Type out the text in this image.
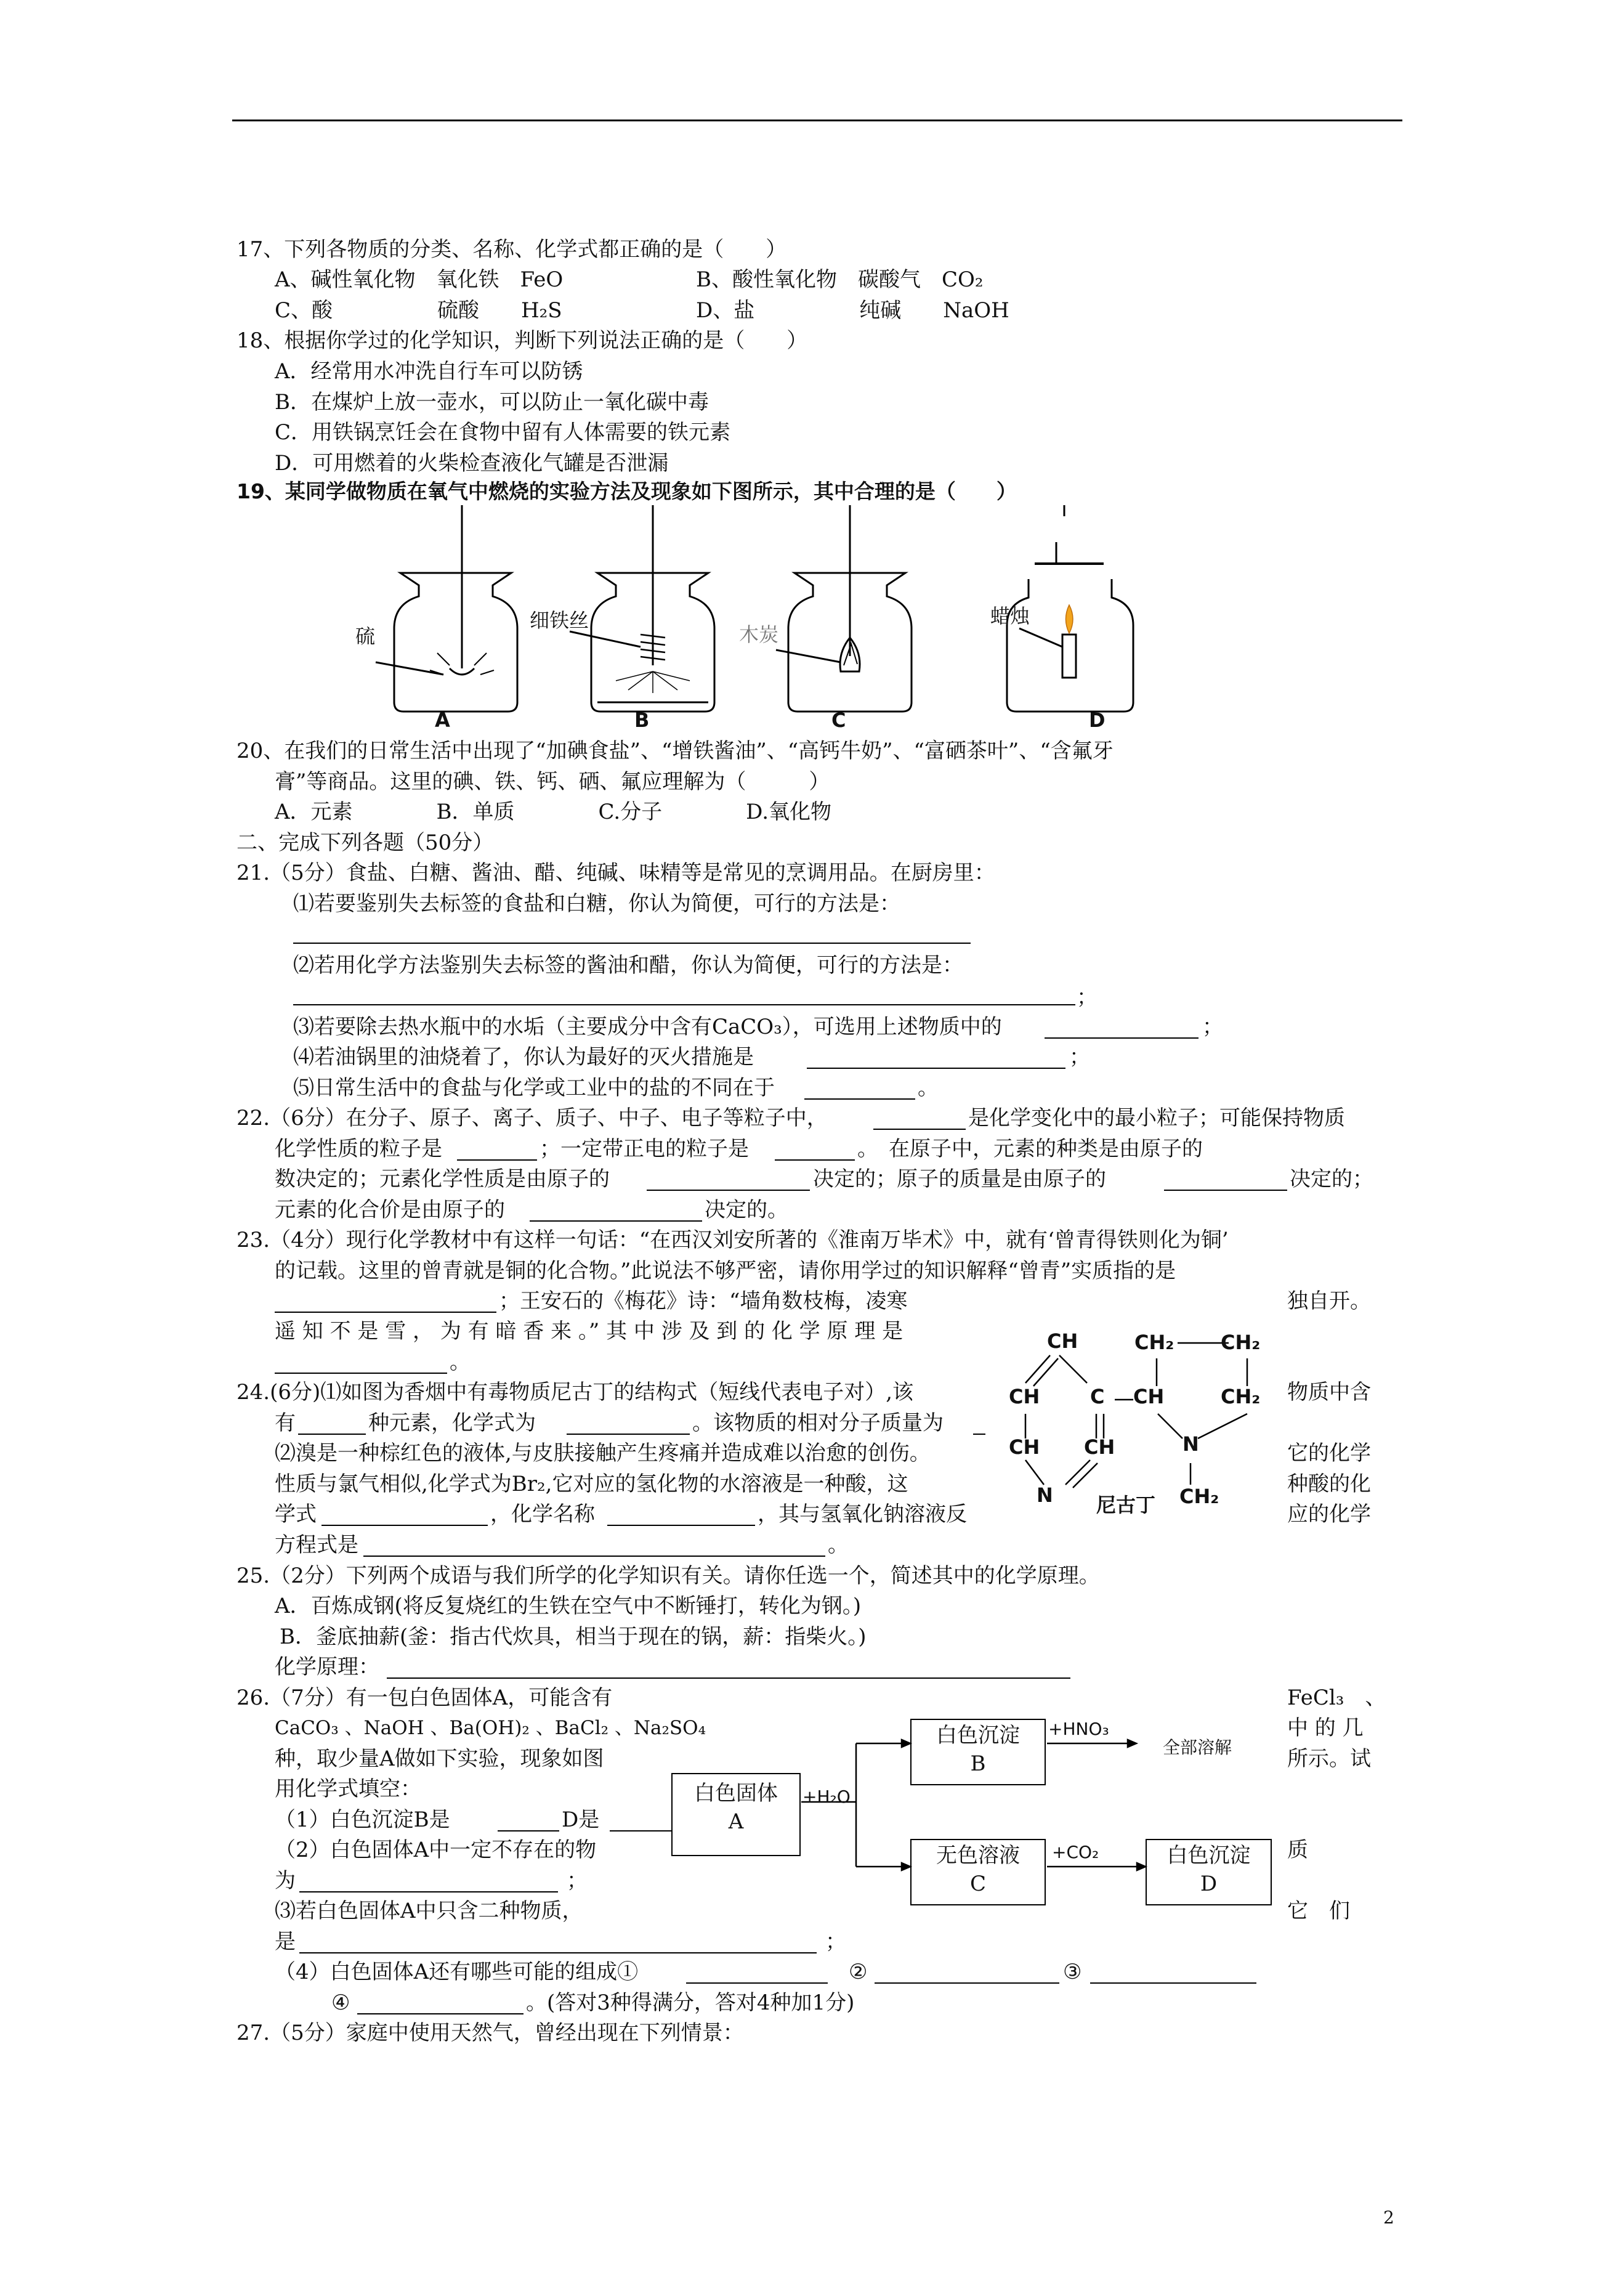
17、下列各物质的分类、名称、化学式都正确的是（　　）
A、碱性氧化物　氧化铁　FeO	B、酸性氧化物　碳酸气　CO₂
C、酸　　　　　硫酸　　H₂S	D、盐　　　　　纯碱　　NaOH
18、根据你学过的化学知识，判断下列说法正确的是（　　）
A．经常用水冲洗自行车可以防锈
B．在煤炉上放一壶水，可以防止一氧化碳中毒
C．用铁锅烹饪会在食物中留有人体需要的铁元素
D．可用燃着的火柴检查液化气罐是否泄漏
19、某同学做物质在氧气中燃烧的实验方法及现象如下图所示，其中合理的是（　　）
硫
细铁丝
木炭
蜡烛
A	B	C	D
20、在我们的日常生活中出现了“加碘食盐”、“增铁酱油”、“高钙牛奶”、“富硒茶叶”、“含氟牙
膏”等商品。这里的碘、铁、钙、硒、氟应理解为（　　　）
A．元素　　　　B．单质　　　　C.分子　　　　D.氧化物
二、完成下列各题（50分）
21.（5分）食盐、白糖、酱油、醋、纯碱、味精等是常见的烹调用品。在厨房里：
⑴若要鉴别失去标签的食盐和白糖，你认为简便，可行的方法是：
⑵若用化学方法鉴别失去标签的酱油和醋，你认为简便，可行的方法是：
；
⑶若要除去热水瓶中的水垢（主要成分中含有CaCO₃），可选用上述物质中的	；
⑷若油锅里的油烧着了，你认为最好的灭火措施是	；
⑸日常生活中的食盐与化学或工业中的盐的不同在于	。
22.（6分）在分子、原子、离子、质子、中子、电子等粒子中，	是化学变化中的最小粒子；可能保持物质
化学性质的粒子是	；一定带正电的粒子是	。　在原子中，元素的种类是由原子的
数决定的；元素化学性质是由原子的	决定的；原子的质量是由原子的	决定的；
元素的化合价是由原子的	决定的。
23.（4分）现行化学教材中有这样一句话：“在西汉刘安所著的《淮南万毕术》中，就有‘曾青得铁则化为铜’
的记载。这里的曾青就是铜的化合物。”此说法不够严密，请你用学过的知识解释“曾青”实质指的是
；王安石的《梅花》诗：“墙角数枝梅，凌寒	独自开。
遥 知 不 是 雪 ， 为 有 暗 香 来 。” 其 中 涉 及 到 的 化 学 原 理 是
。
24.(6分)⑴如图为香烟中有毒物质尼古丁的结构式（短线代表电子对）,该	物质中含
有	种元素，化学式为	。该物质的相对分子质量为	。
⑵溴是一种棕红色的液体,与皮肤接触产生疼痛并造成难以治愈的创伤。	它的化学
性质与氯气相似,化学式为Br₂,它对应的氢化物的水溶液是一种酸，这	种酸的化
学式	，化学名称	，其与氢氧化钠溶液反	应的化学
方程式是	。
CH
CH	C CH
CH CH
N
N
CH₂ CH₂
CH₂
CH₂
尼古丁
25.（2分）下列两个成语与我们所学的化学知识有关。请你任选一个，简述其中的化学原理。
A．百炼成钢(将反复烧红的生铁在空气中不断锤打，转化为钢。)
B．釜底抽薪(釜：指古代炊具，相当于现在的锅，薪：指柴火。)
化学原理：
26.（7分）有一包白色固体A，可能含有	FeCl₃　、
CaCO₃ 、NaOH 、Ba(OH)₂ 、BaCl₂ 、Na₂SO₄	中 的 几
种，取少量A做如下实验，现象如图	所示。试
用化学式填空：
（1）白色沉淀B是	D是
（2）白色固体A中一定不存在的物	质
为	；
⑶若白色固体A中只含二种物质，	它　们
是	；
（4）白色固体A还有哪些可能的组成①	②	③
④	。(答对3种得满分，答对4种加1分)
白色固体
A
白色沉淀
B
无色溶液
C
白色沉淀
D
+H₂O
+HNO₃
全部溶解
+CO₂
27.（5分）家庭中使用天然气，曾经出现在下列情景：
2
